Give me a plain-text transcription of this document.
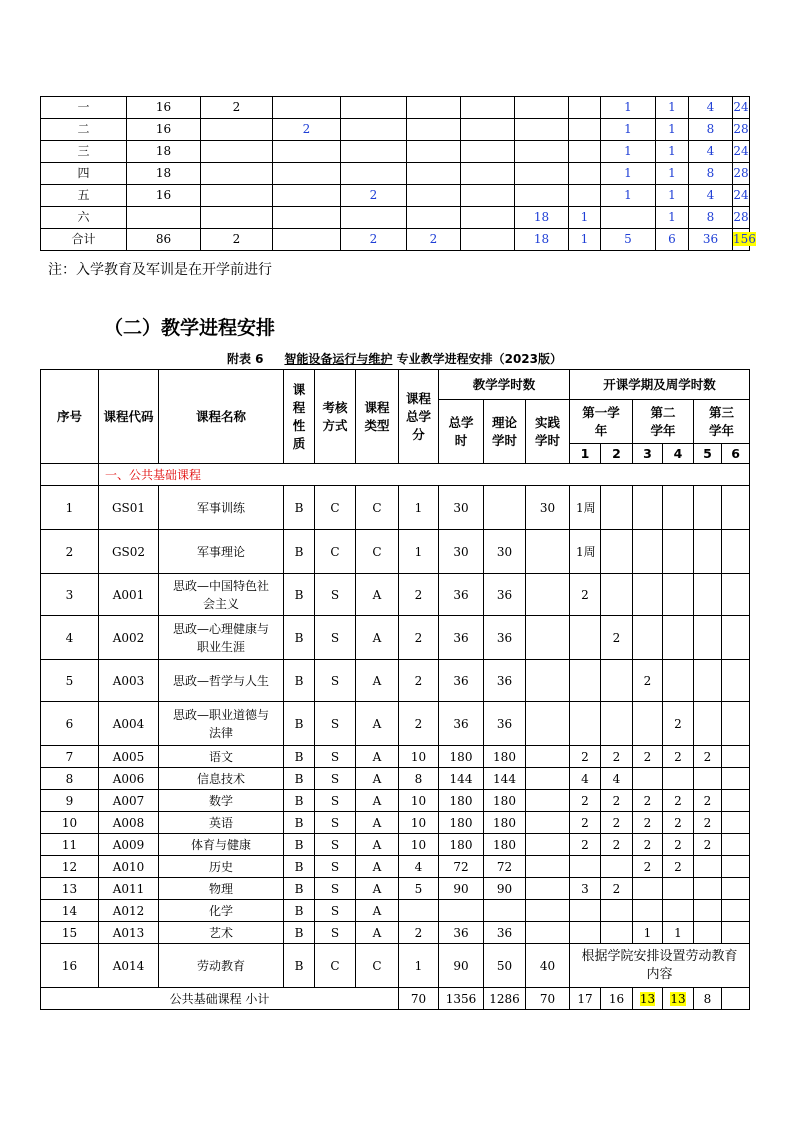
一	16	2							1	1	4	24
二	16		2						1	1	8	28
三	18								1	1	4	24
四	18								1	1	8	28
五	16			2					1	1	4	24
六							18	1		1	8	28
合计	86	2		2	2		18	1	5	6	36	156
注：入学教育及军训是在开学前进行
（二）教学进程安排
附表 6 智能设备运行与维护 专业教学进程安排（2023版）
序号	课程代码	课程名称	课程性质	考核方式	课程类型	课程总学分	教学学时数			开课学期及周学时数					
							总学时	理论学时	实践学时	第一学年		第二学年		第三学年	
										1	2	3	4	5	6
	一、公共基础课程														
1	GS01	军事训练	B	C	C	1	30		30	1周					
2	GS02	军事理论	B	C	C	1	30	30		1周					
3	A001	思政—中国特色社会主义	B	S	A	2	36	36		2					
4	A002	思政—心理健康与职业生涯	B	S	A	2	36	36			2				
5	A003	思政—哲学与人生	B	S	A	2	36	36				2			
6	A004	思政—职业道德与法律	B	S	A	2	36	36					2		
7	A005	语文	B	S	A	10	180	180		2	2	2	2	2	
8	A006	信息技术	B	S	A	8	144	144		4	4				
9	A007	数学	B	S	A	10	180	180		2	2	2	2	2	
10	A008	英语	B	S	A	10	180	180		2	2	2	2	2	
11	A009	体育与健康	B	S	A	10	180	180		2	2	2	2	2	
12	A010	历史	B	S	A	4	72	72				2	2		
13	A011	物理	B	S	A	5	90	90		3	2				
14	A012	化学	B	S	A										
15	A013	艺术	B	S	A	2	36	36				1	1		
16	A014	劳动教育	B	C	C	1	90	50	40	根据学院安排设置劳动教育内容					
公共基础课程 小计						70	1356	1286	70	17	16	13	13	8	
